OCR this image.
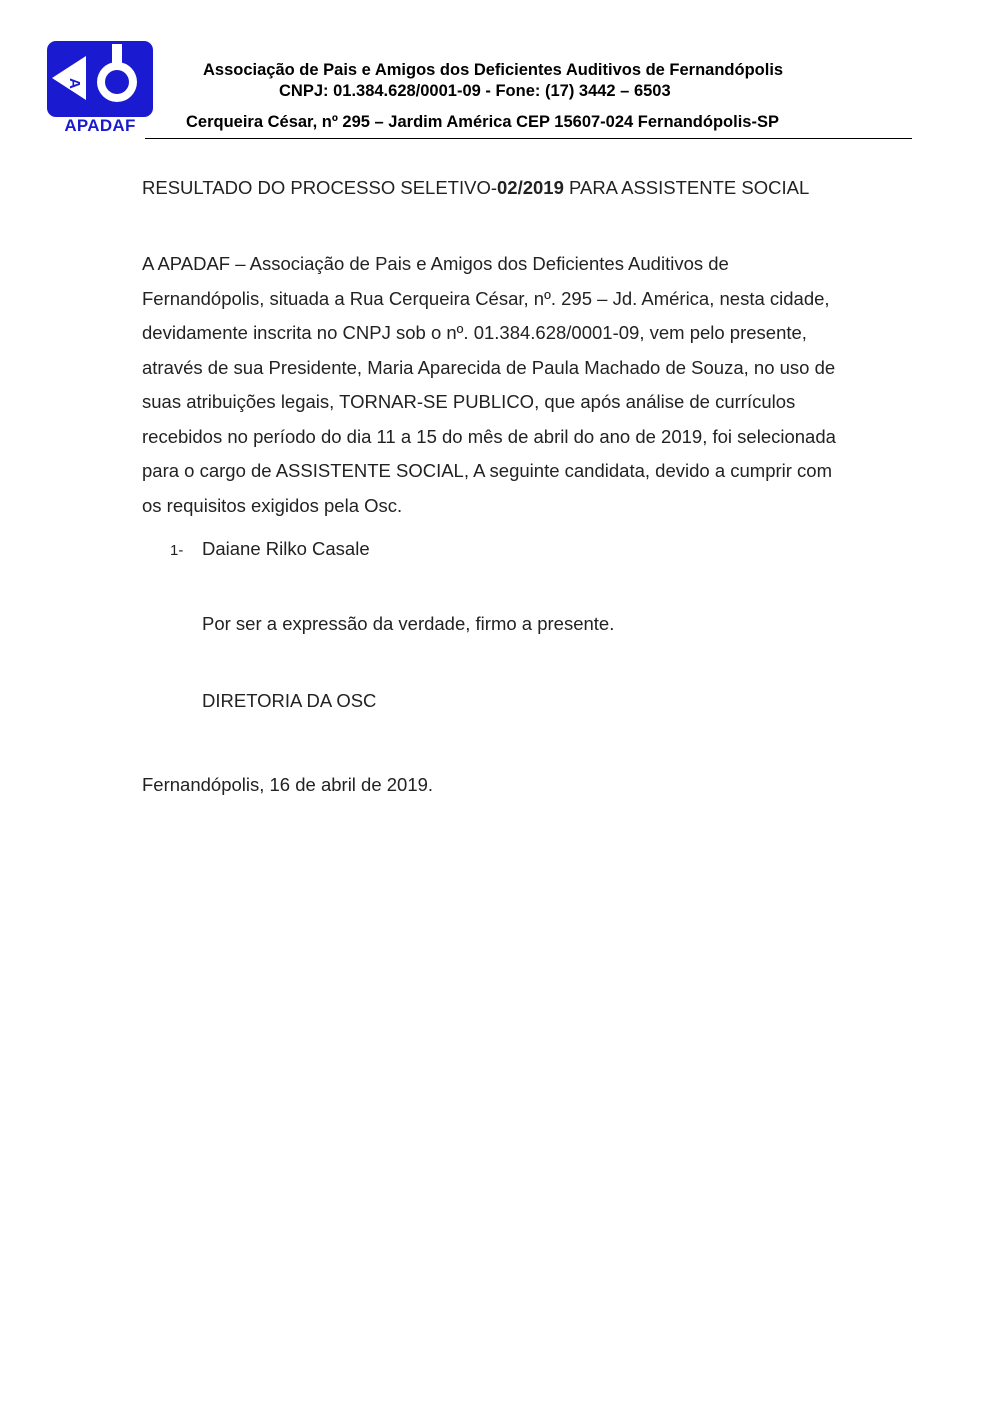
A
APADAF
Associação de Pais e Amigos dos Deficientes Auditivos de Fernandópolis
CNPJ: 01.384.628/0001-09 - Fone: (17) 3442 – 6503
Cerqueira César, nº 295 – Jardim América CEP 15607-024 Fernandópolis-SP
RESULTADO DO PROCESSO SELETIVO-02/2019 PARA ASSISTENTE SOCIAL
A APADAF – Associação de Pais e Amigos dos Deficientes Auditivos de Fernandópolis, situada a Rua Cerqueira César, nº. 295 – Jd. América, nesta cidade, devidamente inscrita no CNPJ sob o nº. 01.384.628/0001-09, vem pelo presente, através de sua Presidente, Maria Aparecida de Paula Machado de Souza, no uso de suas atribuições legais, TORNAR-SE PUBLICO, que após análise de currículos recebidos no período do dia 11 a 15 do mês de abril do ano de 2019, foi selecionada para o cargo de ASSISTENTE SOCIAL, A seguinte candidata, devido a cumprir com os requisitos exigidos pela Osc.
1- Daiane Rilko Casale
Por ser a expressão da verdade, firmo a presente.
DIRETORIA DA OSC
Fernandópolis, 16 de abril de 2019.
